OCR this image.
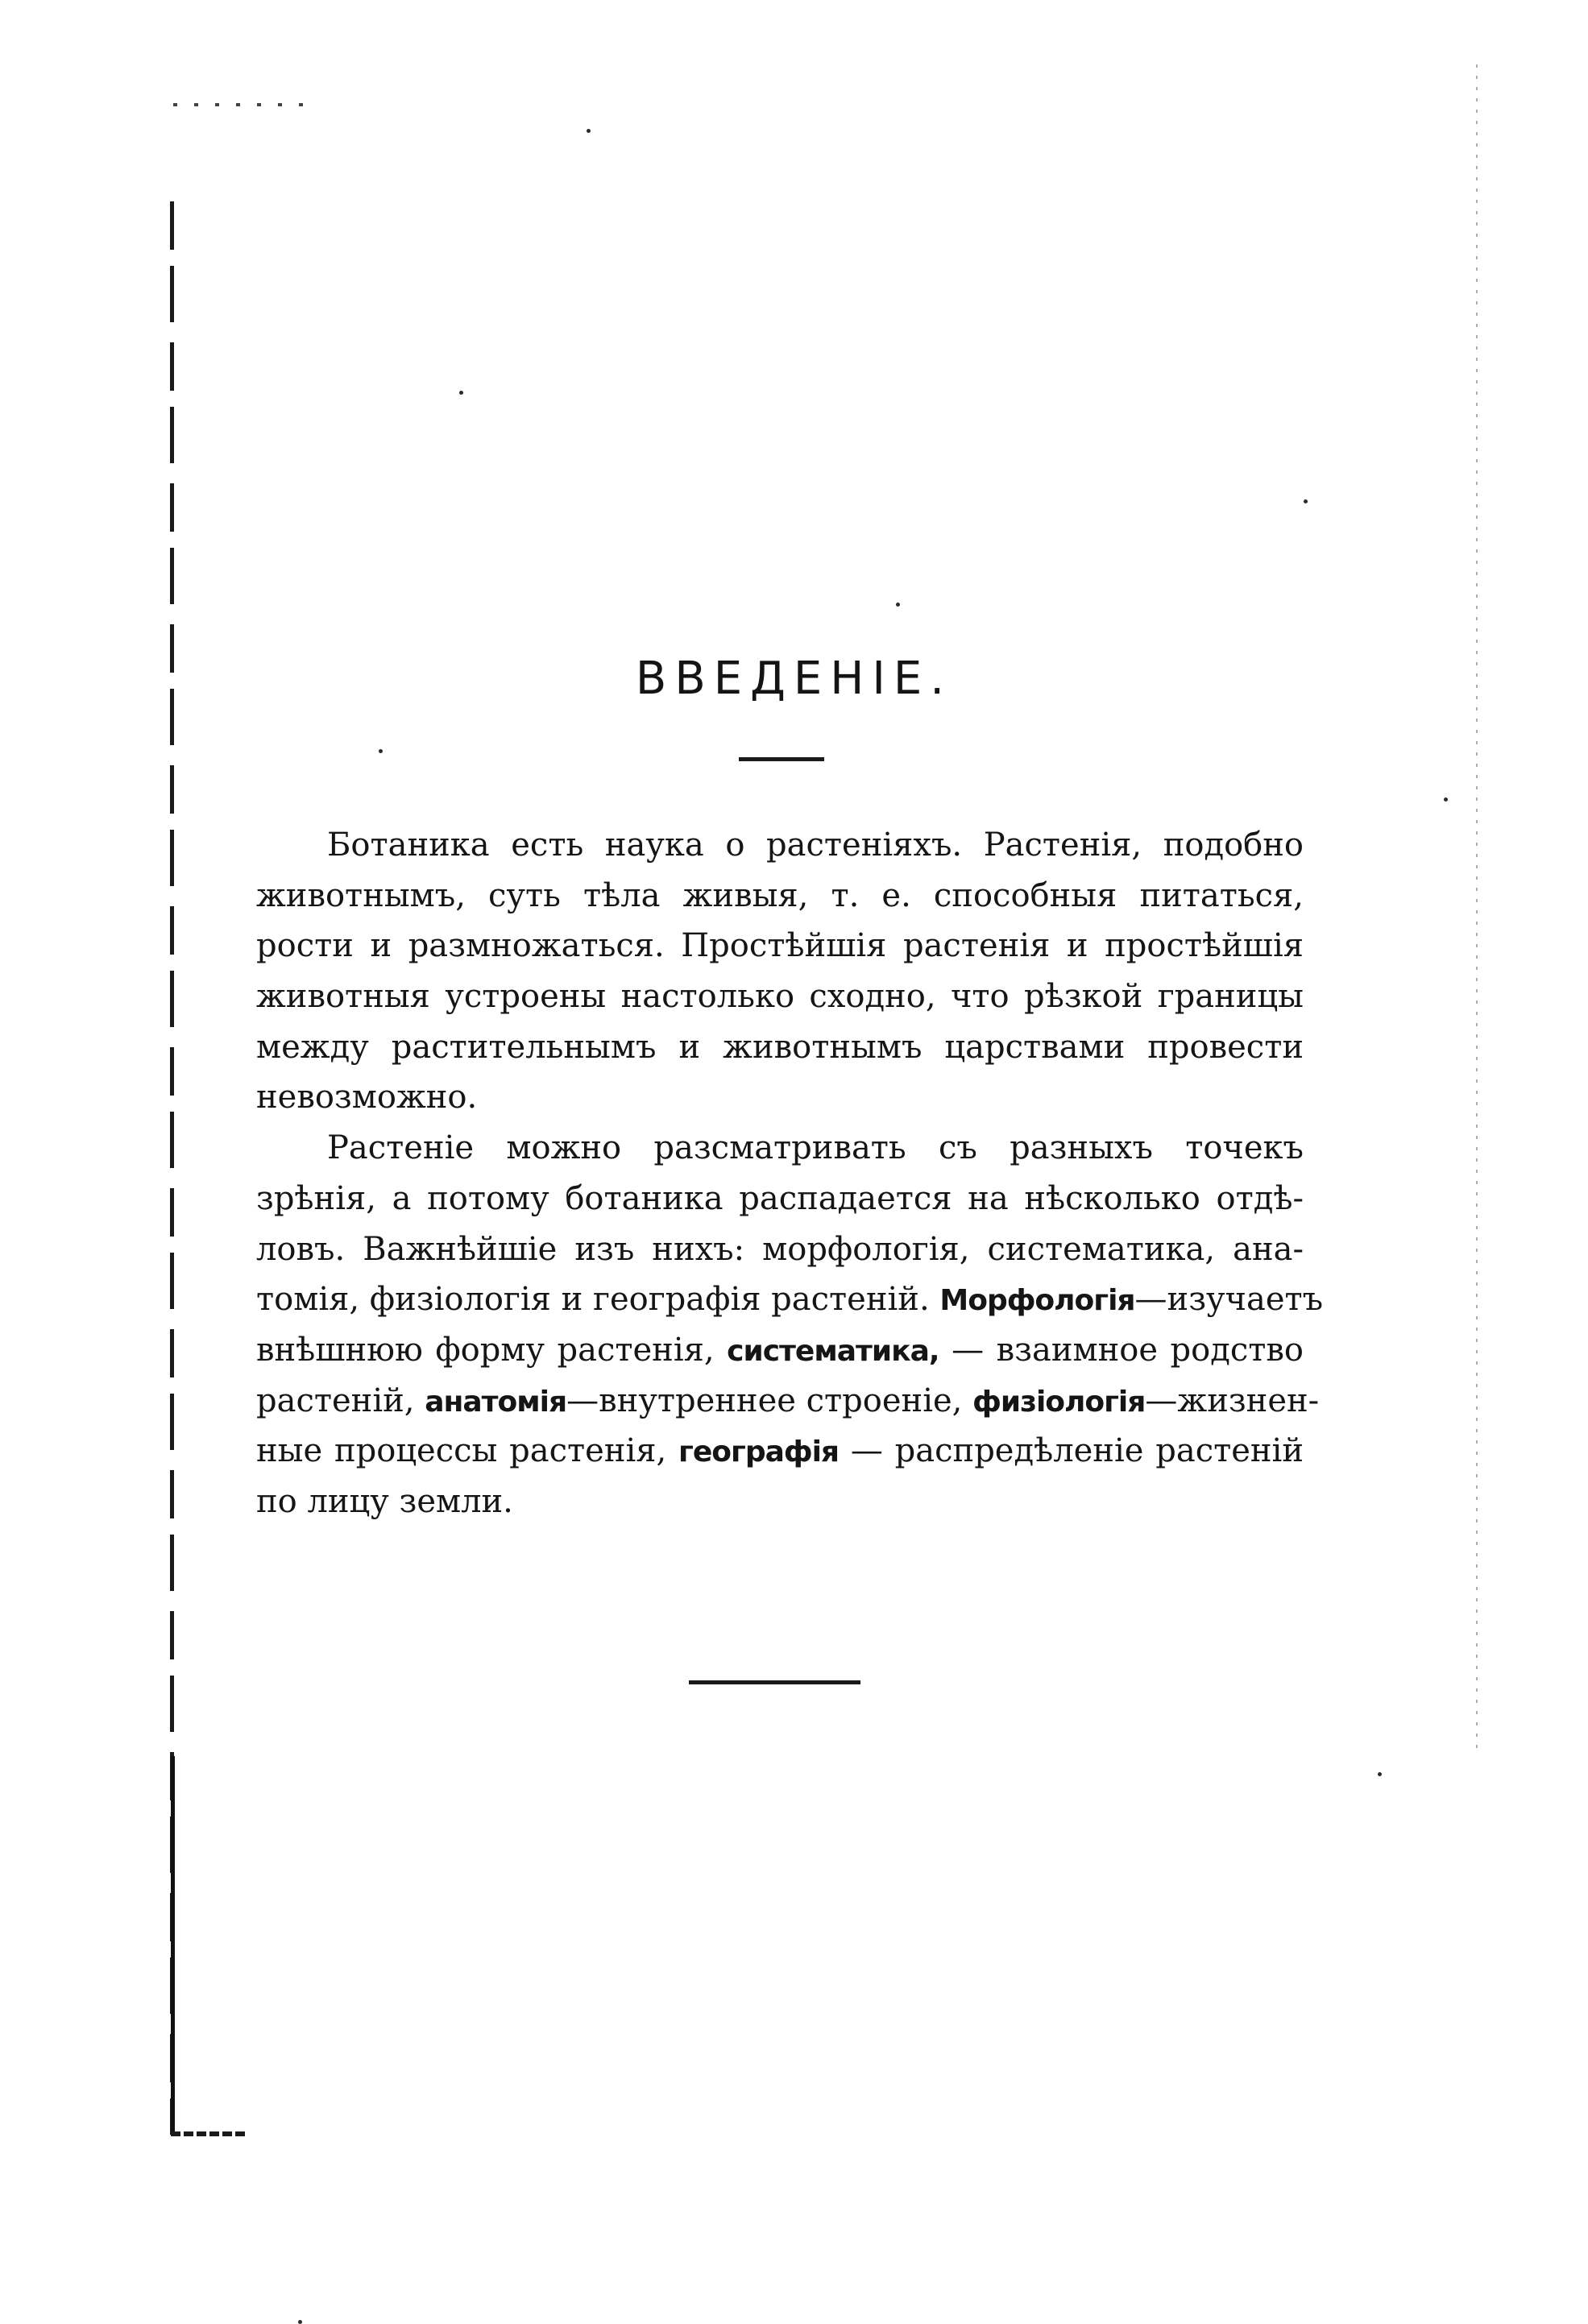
ВВЕДЕНІЕ.
Ботаника есть наука о растеніяхъ. Растенія, подобно
животнымъ, суть тѣла живыя, т. е. способныя питаться,
рости и размножаться. Простѣйшія растенія и простѣйшія
животныя устроены настолько сходно, что рѣзкой границы
между растительнымъ и животнымъ царствами провести
невозможно.
Растеніе можно разсматривать съ разныхъ точекъ
зрѣнія, а потому ботаника распадается на нѣсколько отдѣ-
ловъ. Важнѣйшіе изъ нихъ: морфологія, систематика, ана-
томія, физіологія и географія растеній. Морфологія—изучаетъ
внѣшнюю форму растенія, систематика, — взаимное родство
растеній, анатомія—внутреннее строеніе, физіологія—жизнен-
ные процессы растенія, географія — распредѣленіе растеній
по лицу земли.
